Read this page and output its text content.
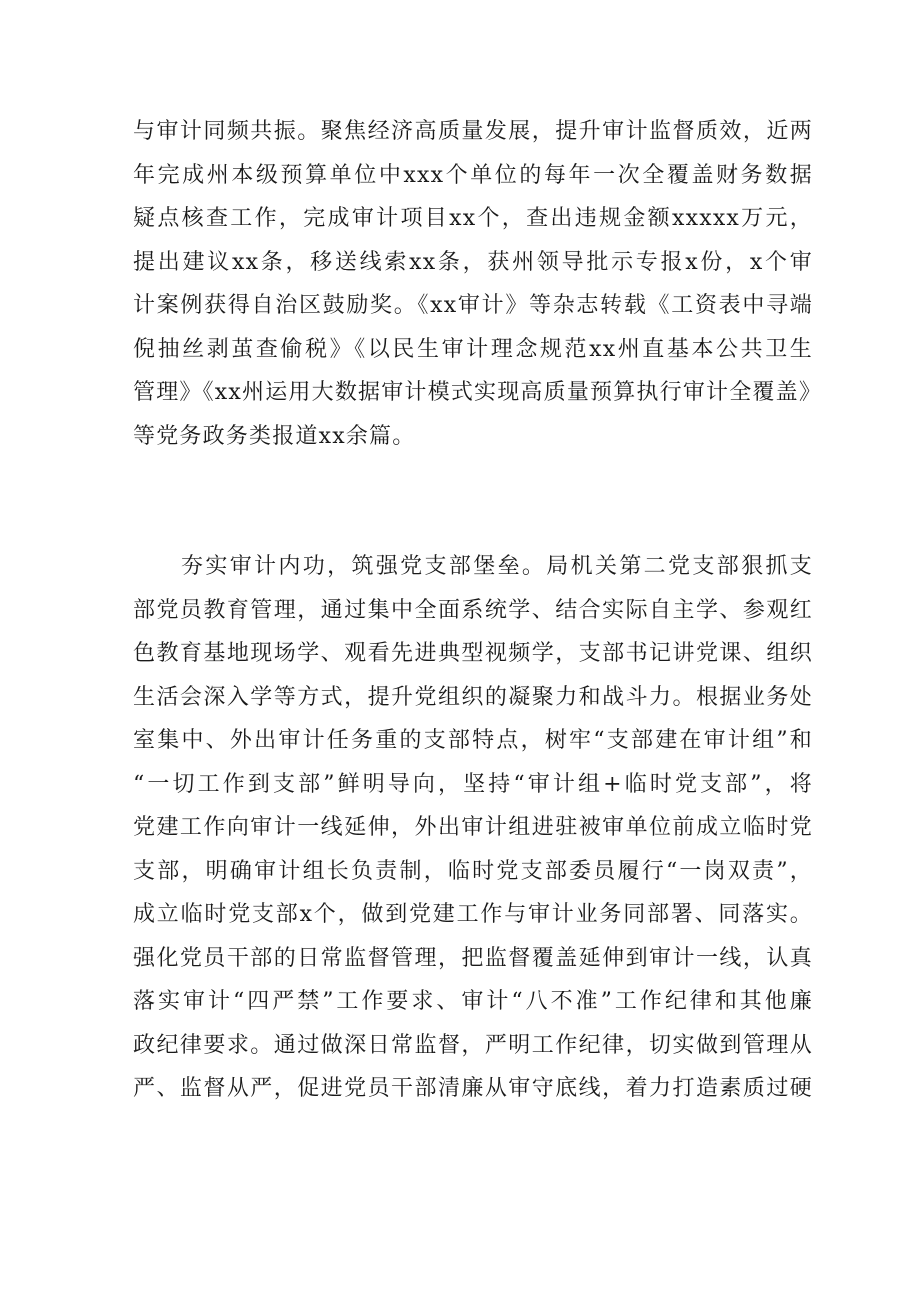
与审计同频共振。聚焦经济高质量发展，提升审计监督质效，近两
年完成州本级预算单位中xxx个单位的每年一次全覆盖财务数据
疑点核查工作，完成审计项目xx个，查出违规金额xxxxx万元，
提出建议xx条，移送线索xx条，获州领导批示专报x份，x个审
计案例获得自治区鼓励奖。《xx审计》等杂志转载《工资表中寻端
倪抽丝剥茧查偷税》《以民生审计理念规范xx州直基本公共卫生
管理》《xx州运用大数据审计模式实现高质量预算执行审计全覆盖》
等党务政务类报道xx余篇。
夯实审计内功，筑强党支部堡垒。局机关第二党支部狠抓支
部党员教育管理，通过集中全面系统学、结合实际自主学、参观红
色教育基地现场学、观看先进典型视频学，支部书记讲党课、组织
生活会深入学等方式，提升党组织的凝聚力和战斗力。根据业务处
室集中、外出审计任务重的支部特点，树牢“支部建在审计组”和
“一切工作到支部”鲜明导向，坚持“审计组+临时党支部”，将
党建工作向审计一线延伸，外出审计组进驻被审单位前成立临时党
支部，明确审计组长负责制，临时党支部委员履行“一岗双责”，
成立临时党支部x个，做到党建工作与审计业务同部署、同落实。
强化党员干部的日常监督管理，把监督覆盖延伸到审计一线，认真
落实审计“四严禁”工作要求、审计“八不准”工作纪律和其他廉
政纪律要求。通过做深日常监督，严明工作纪律，切实做到管理从
严、监督从严，促进党员干部清廉从审守底线，着力打造素质过硬
